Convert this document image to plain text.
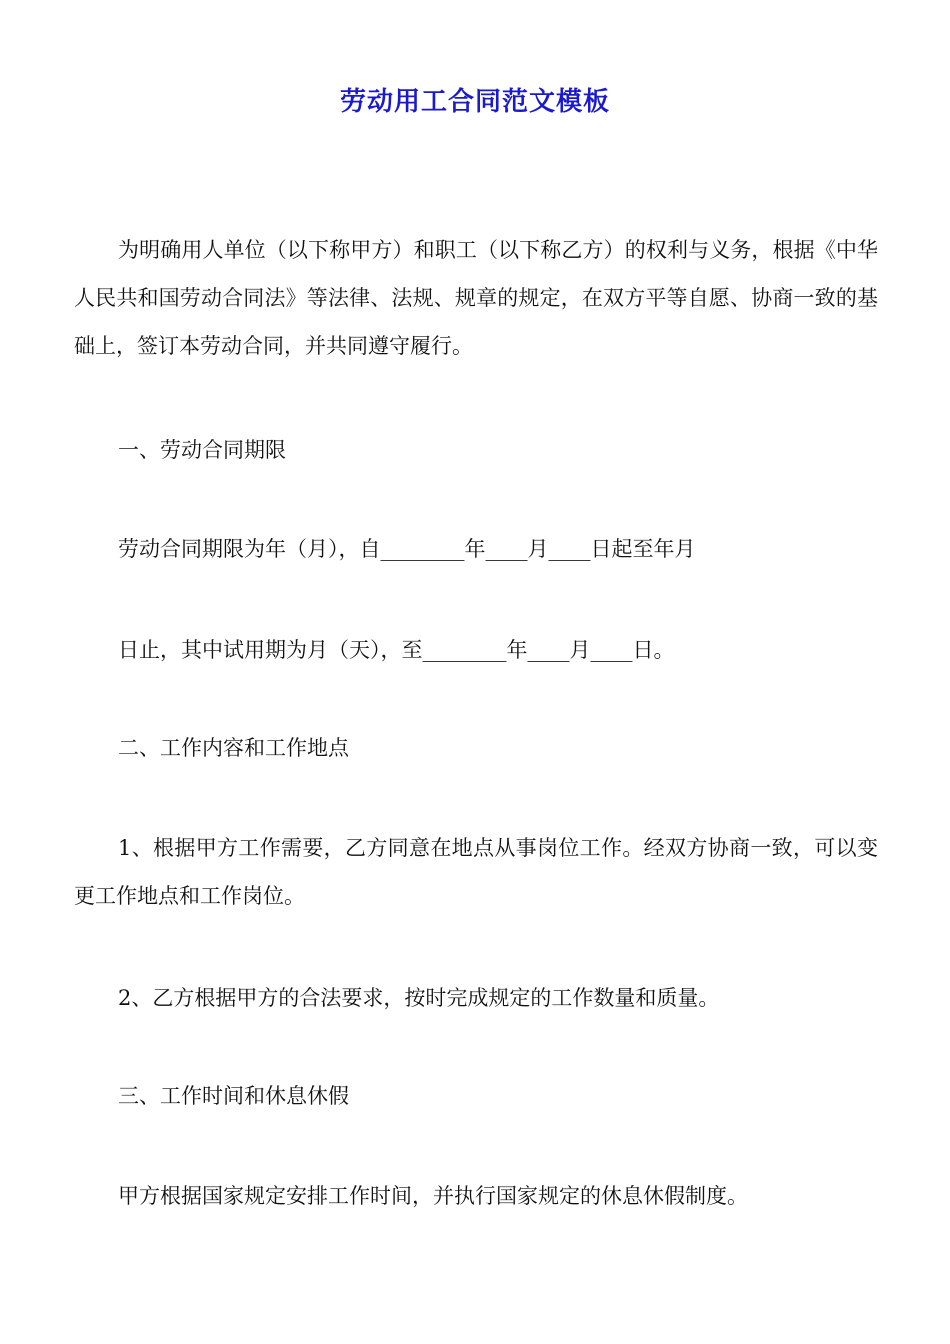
劳动用工合同范文模板

为明确用人单位（以下称甲方）和职工（以下称乙方）的权利与义务，根据《中华人民共和国劳动合同法》等法律、法规、规章的规定，在双方平等自愿、协商一致的基础上，签订本劳动合同，并共同遵守履行。

一、劳动合同期限

劳动合同期限为年（月），自________年____月____日起至年月

日止，其中试用期为月（天），至________年____月____日。

二、工作内容和工作地点

1、根据甲方工作需要，乙方同意在地点从事岗位工作。经双方协商一致，可以变更工作地点和工作岗位。

2、乙方根据甲方的合法要求，按时完成规定的工作数量和质量。

三、工作时间和休息休假

甲方根据国家规定安排工作时间，并执行国家规定的休息休假制度。
